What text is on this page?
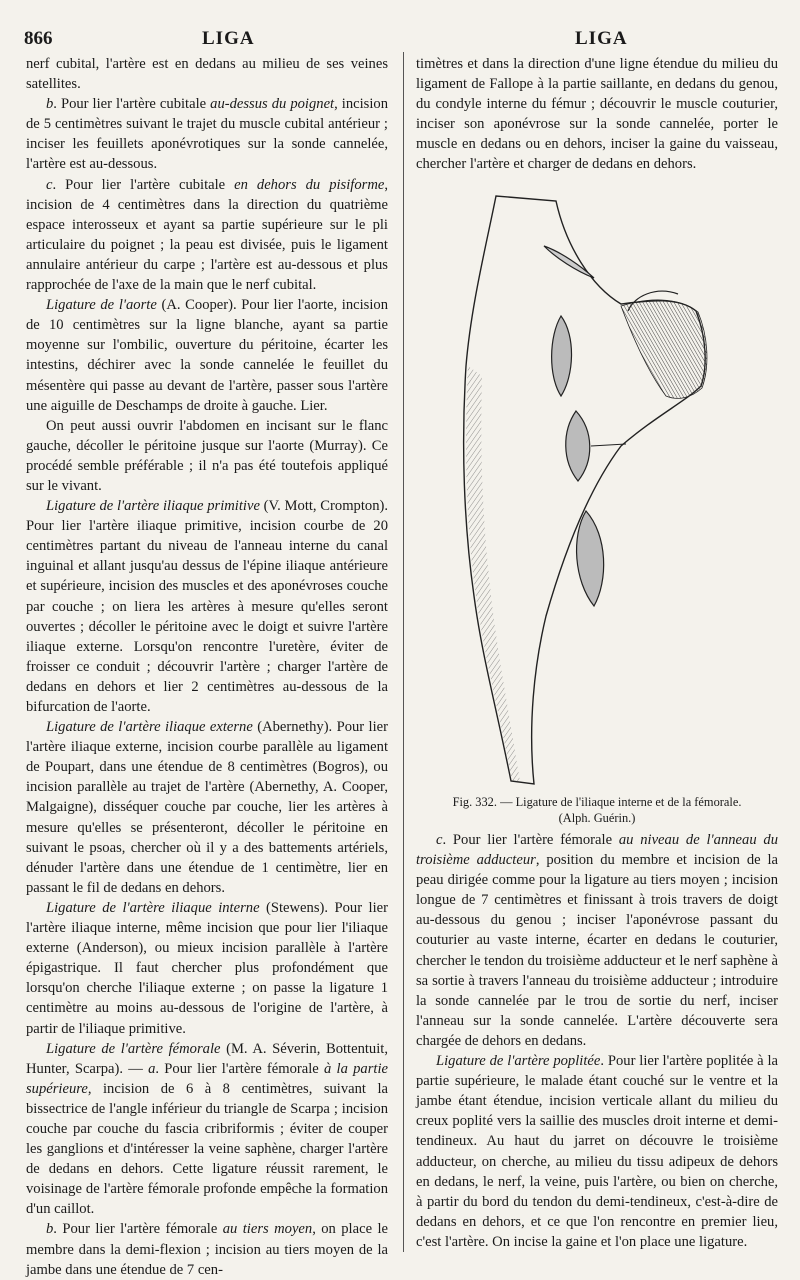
866	LIGA	LIGA

nerf cubital, l'artère est en dedans au milieu de ses veines satellites.

b. Pour lier l'artère cubitale au-dessus du poignet, incision de 5 centimètres suivant le trajet du muscle cubital antérieur ; inciser les feuillets aponévrotiques sur la sonde cannelée, l'artère est au-dessous.

c. Pour lier l'artère cubitale en dehors du pisiforme, incision de 4 centimètres dans la direction du quatrième espace interosseux et ayant sa partie supérieure sur le pli articulaire du poignet ; la peau est divisée, puis le ligament annulaire antérieur du carpe ; l'artère est au-dessous et plus rapprochée de l'axe de la main que le nerf cubital.

Ligature de l'aorte (A. Cooper). Pour lier l'aorte, incision de 10 centimètres sur la ligne blanche, ayant sa partie moyenne sur l'ombilic, ouverture du péritoine, écarter les intestins, déchirer avec la sonde cannelée le feuillet du mésentère qui passe au devant de l'artère, passer sous l'artère une aiguille de Deschamps de droite à gauche. Lier.

On peut aussi ouvrir l'abdomen en incisant sur le flanc gauche, décoller le péritoine jusque sur l'aorte (Murray). Ce procédé semble préférable ; il n'a pas été toutefois appliqué sur le vivant.

Ligature de l'artère iliaque primitive (V. Mott, Crompton). Pour lier l'artère iliaque primitive, incision courbe de 20 centimètres partant du niveau de l'anneau interne du canal inguinal et allant jusqu'au dessus de l'épine iliaque antérieure et supérieure, incision des muscles et des aponévroses couche par couche ; on liera les artères à mesure qu'elles seront ouvertes ; décoller le péritoine avec le doigt et suivre l'artère iliaque externe. Lorsqu'on rencontre l'uretère, éviter de froisser ce conduit ; découvrir l'artère ; charger l'artère de dedans en dehors et lier 2 centimètres au-dessous de la bifurcation de l'aorte.

Ligature de l'artère iliaque externe (Abernethy). Pour lier l'artère iliaque externe, incision courbe parallèle au ligament de Poupart, dans une étendue de 8 centimètres (Bogros), ou incision parallèle au trajet de l'artère (Abernethy, A. Cooper, Malgaigne), disséquer couche par couche, lier les artères à mesure qu'elles se présenteront, décoller le péritoine en suivant le psoas, chercher où il y a des battements artériels, dénuder l'artère dans une étendue de 1 centimètre, lier en passant le fil de dedans en dehors.

Ligature de l'artère iliaque interne (Stewens). Pour lier l'artère iliaque interne, même incision que pour lier l'iliaque externe (Anderson), ou mieux incision parallèle à l'artère épigastrique. Il faut chercher plus profondément que lorsqu'on cherche l'iliaque externe ; on passe la ligature 1 centimètre au moins au-dessous de l'origine de l'artère, à partir de l'iliaque primitive.

Ligature de l'artère fémorale (M. A. Séverin, Bottentuit, Hunter, Scarpa). — a. Pour lier l'artère fémorale à la partie supérieure, incision de 6 à 8 centimètres, suivant la bissectrice de l'angle inférieur du triangle de Scarpa ; incision couche par couche du fascia cribriformis ; éviter de couper les ganglions et d'intéresser la veine saphène, charger l'artère de dedans en dehors. Cette ligature réussit rarement, le voisinage de l'artère fémorale profonde empêche la formation d'un caillot.

b. Pour lier l'artère fémorale au tiers moyen, on place le membre dans la demi-flexion ; incision au tiers moyen de la jambe dans une étendue de 7 cen-

timètres et dans la direction d'une ligne étendue du milieu du ligament de Fallope à la partie saillante, en dedans du genou, du condyle interne du fémur ; découvrir le muscle couturier, inciser son aponévrose sur la sonde cannelée, porter le muscle en dedans ou en dehors, inciser la gaine du vaisseau, chercher l'artère et charger de dedans en dehors.

Fig. 332. — Ligature de l'iliaque interne et de la fémorale.
(Alph. Guérin.)

c. Pour lier l'artère fémorale au niveau de l'anneau du troisième adducteur, position du membre et incision de la peau dirigée comme pour la ligature au tiers moyen ; incision longue de 7 centimètres et finissant à trois travers de doigt au-dessous du genou ; inciser l'aponévrose passant du couturier au vaste interne, écarter en dedans le couturier, chercher le tendon du troisième adducteur et le nerf saphène à sa sortie à travers l'anneau du troisième adducteur ; introduire la sonde cannelée par le trou de sortie du nerf, inciser l'anneau sur la sonde cannelée. L'artère découverte sera chargée de dehors en dedans.

Ligature de l'artère poplitée. Pour lier l'artère poplitée à la partie supérieure, le malade étant couché sur le ventre et la jambe étant étendue, incision verticale allant du milieu du creux poplité vers la saillie des muscles droit interne et demi-tendineux. Au haut du jarret on découvre le troisième adducteur, on cherche, au milieu du tissu adipeux de dehors en dedans, le nerf, la veine, puis l'artère, ou bien on cherche, à partir du bord du tendon du demi-tendineux, c'est-à-dire de dedans en dehors, et ce que l'on rencontre en premier lieu, c'est l'artère. On incise la gaine et l'on place une ligature.
